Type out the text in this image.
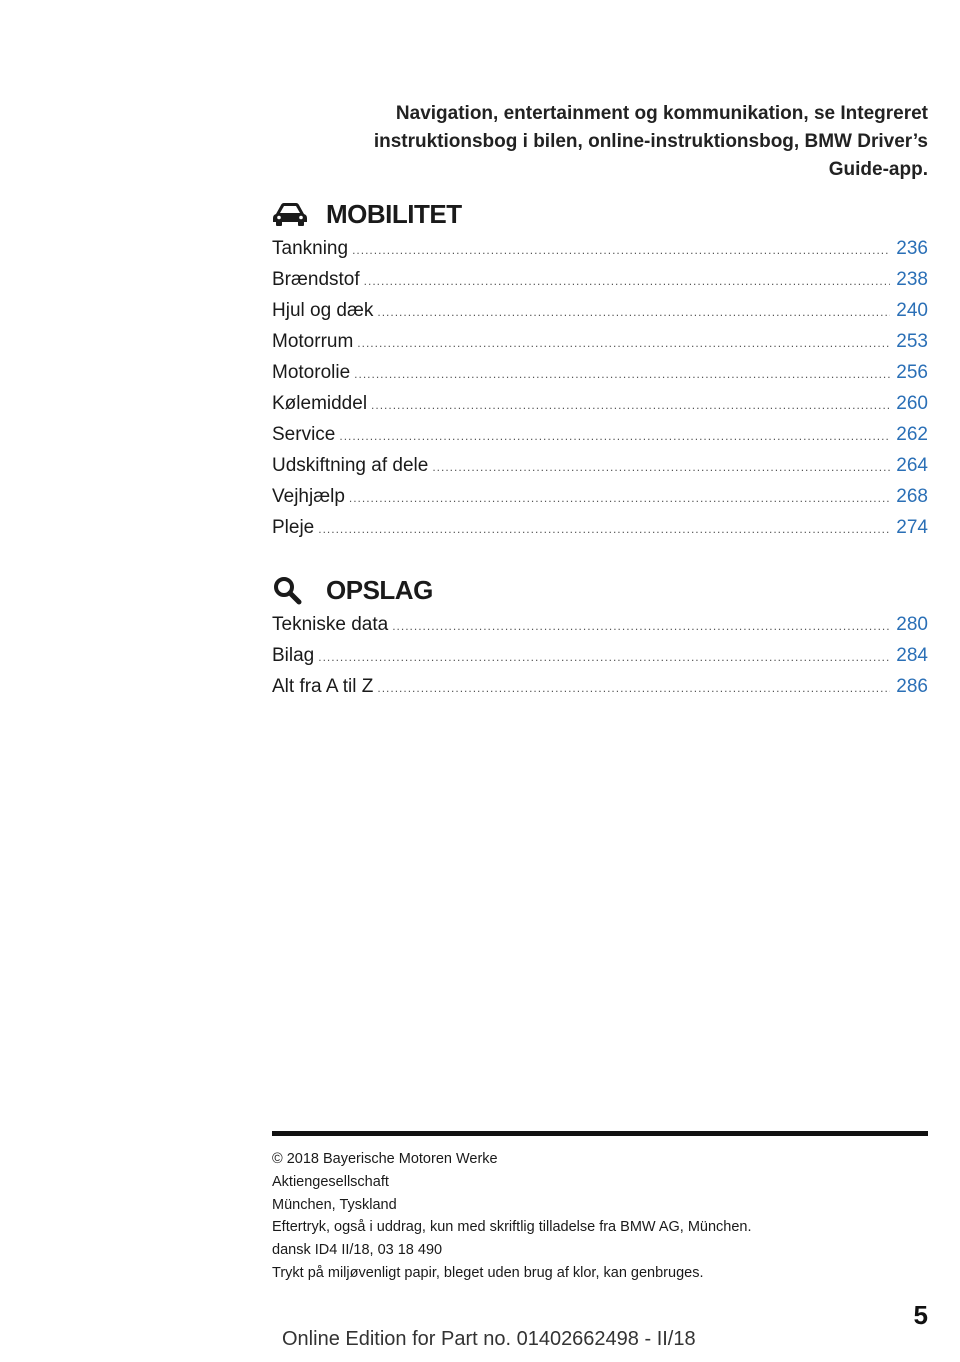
Navigation, entertainment og kommunikation, se Integreret
instruktionsbog i bilen, online-instruktionsbog, BMW Driver’s
Guide-app.
MOBILITET
Tankning .....	236
Brændstof .....	238
Hjul og dæk .....	240
Motorrum .....	253
Motorolie .....	256
Kølemiddel .....	260
Service .....	262
Udskiftning af dele .....	264
Vejhjælp .....	268
Pleje .....	274
OPSLAG
Tekniske data .....	280
Bilag .....	284
Alt fra A til Z .....	286
© 2018 Bayerische Motoren Werke
Aktiengesellschaft
München, Tyskland
Eftertryk, også i uddrag, kun med skriftlig tilladelse fra BMW AG, München.
dansk ID4 II/18, 03 18 490
Trykt på miljøvenligt papir, bleget uden brug af klor, kan genbruges.
5
Online Edition for Part no. 01402662498 - II/18
